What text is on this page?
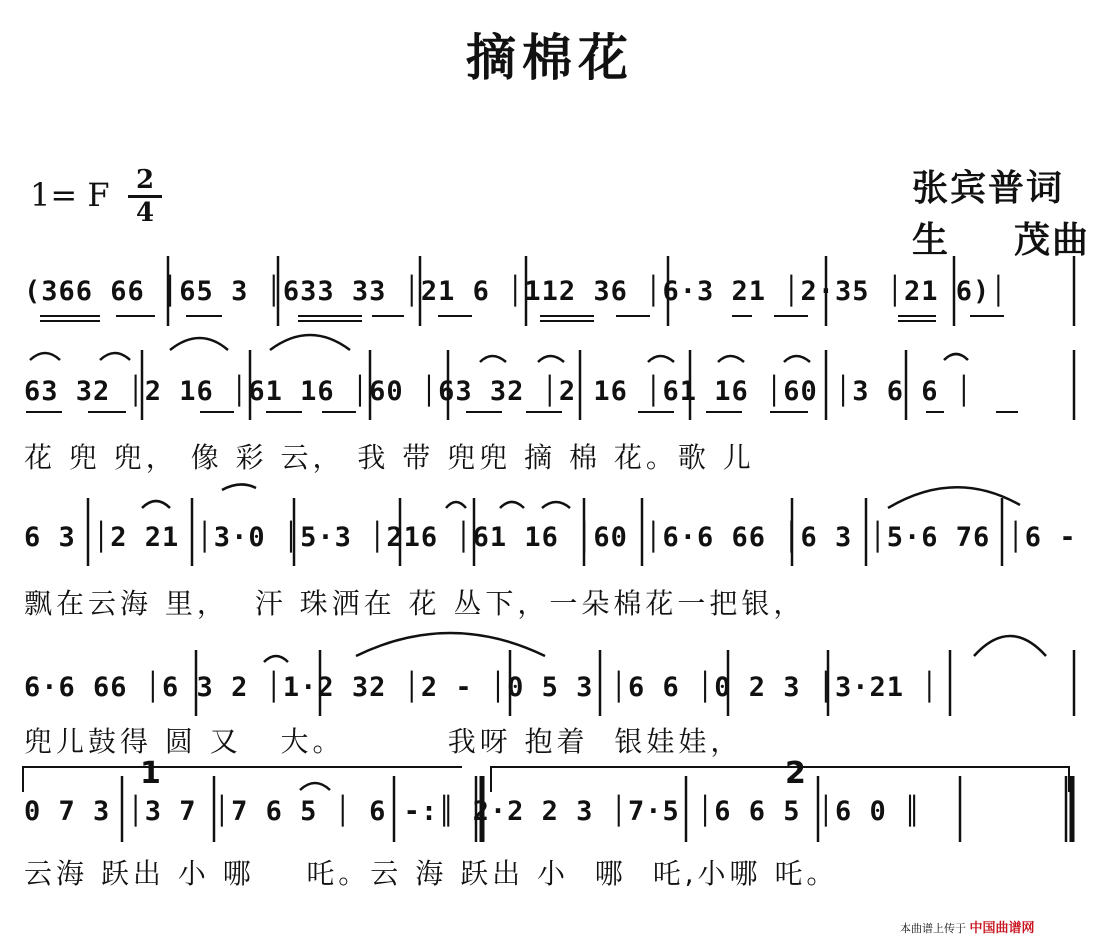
摘棉花
1= F	2
4
张宾普词
生 茂曲
(366 66 │65 3 │633 33 │21 6 │112 36 │6·3 21 │2·35 │21 6)│
63 32 │2 16 │61 16 │60 │63 32 │2 16 │61 16 │60 │3 6 6 │
花 兜 兜， 像 彩 云， 我 带 兜兜 摘 棉 花。歌 儿
6 3 │2 21 │3·0 │5·3 │216 │61 16 │60 │6·6 66 │6 3 │5·6 76 │6 -
飘在云海 里，  汗 珠洒在 花 丛下，一朵棉花一把银，
6·6 66 │6 3 2 │1·2 32 │2 - │0 5 3 │6 6 │0 2 3 │3·21 │
兜儿鼓得 圆 又   大。        我呀 抱着  银娃娃，
1	2
0 7 3 │3 7 │7 6 5 │ 6 -:║ 2·2 2 3 │7·5 │6 6 5 │6 0 ║
云海 跃出 小 哪    吒。云 海 跃出 小  哪  吒,小哪 吒。
本曲谱上传于 中国曲谱网
